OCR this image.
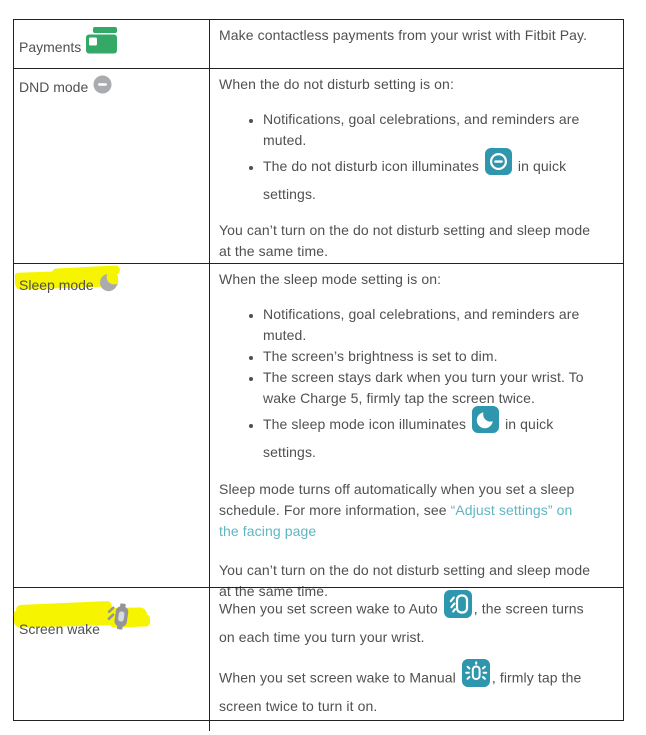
Payments

Make contactless payments from your wrist with Fitbit Pay.

DND mode	When the do not disturb setting is on:

• Notifications, goal celebrations, and reminders are muted.
• The do not disturb icon illuminates  in quick settings.

You can’t turn on the do not disturb setting and sleep mode at the same time.

Sleep mode	When the sleep mode setting is on:

• Notifications, goal celebrations, and reminders are muted.
• The screen’s brightness is set to dim.
• The screen stays dark when you turn your wrist. To wake Charge 5, firmly tap the screen twice.
• The sleep mode icon illuminates  in quick settings.

Sleep mode turns off automatically when you set a sleep schedule. For more information, see “Adjust settings” on the facing page

You can’t turn on the do not disturb setting and sleep mode at the same time.

Screen wake

When you set screen wake to Auto , the screen turns on each time you turn your wrist.

When you set screen wake to Manual , firmly tap the screen twice to turn it on.
